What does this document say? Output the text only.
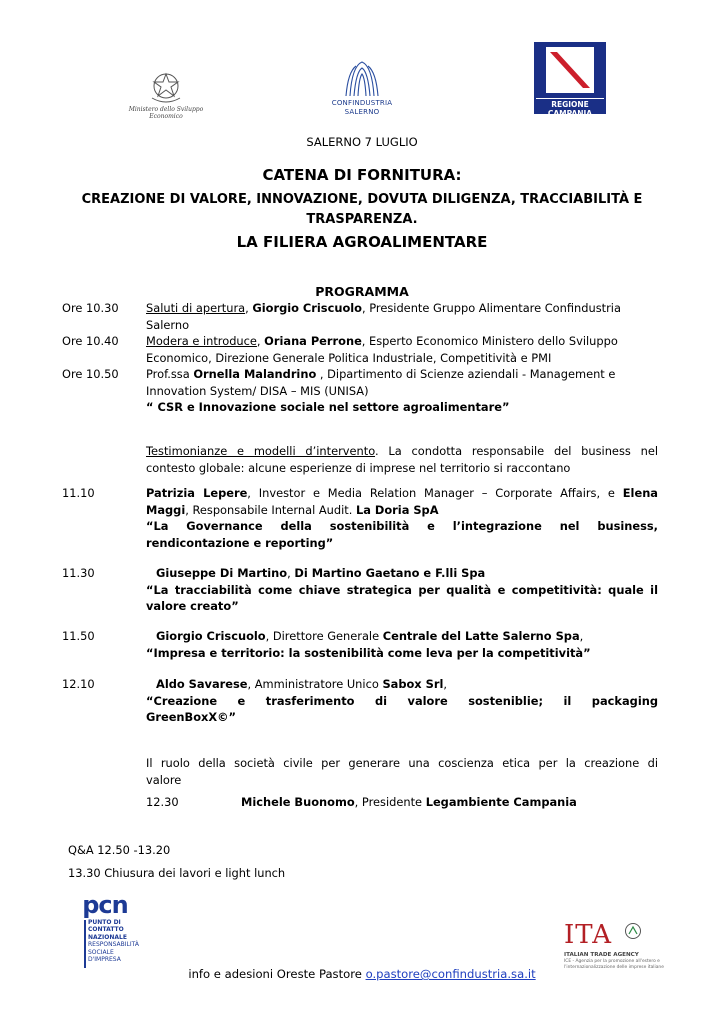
Ministero dello Sviluppo Economico
CONFINDUSTRIA
SALERNO
REGIONE CAMPANIA
SALERNO 7 LUGLIO
CATENA DI FORNITURA:
CREAZIONE DI VALORE, INNOVAZIONE, DOVUTA DILIGENZA, TRACCIABILITÀ E
TRASPARENZA.
LA FILIERA AGROALIMENTARE
PROGRAMMA
Ore 10.30 Saluti di apertura, Giorgio Criscuolo, Presidente Gruppo Alimentare Confindustria
Salerno
Ore 10.40 Modera e introduce, Oriana Perrone, Esperto Economico Ministero dello Sviluppo
Economico, Direzione Generale Politica Industriale, Competitività e PMI
Ore 10.50 Prof.ssa Ornella Malandrino , Dipartimento di Scienze aziendali - Management e
Innovation System/ DISA – MIS (UNISA)
“ CSR e Innovazione sociale nel settore agroalimentare”
Testimonianze e modelli d’intervento. La condotta responsabile del business nel
contesto globale: alcune esperienze di imprese nel territorio si raccontano
11.10	Patrizia Lepere, Investor e Media Relation Manager – Corporate Affairs, e Elena
Maggi, Responsabile Internal Audit. La Doria SpA
“La Governance della sostenibilità e l’integrazione nel business,
rendicontazione e reporting”
11.30	Giuseppe Di Martino, Di Martino Gaetano e F.lli Spa
“La tracciabilità come chiave strategica per qualità e competitività: quale il
valore creato”
11.50	Giorgio Criscuolo, Direttore Generale Centrale del Latte Salerno Spa,
“Impresa e territorio: la sostenibilità come leva per la competitività”
12.10	Aldo Savarese, Amministratore Unico Sabox Srl,
“Creazione e trasferimento di valore sosteniblie; il packaging
GreenBoxX©”
Il ruolo della società civile per generare una coscienza etica per la creazione di
valore
12.30	Michele Buonomo, Presidente Legambiente Campania
Q&A 12.50 -13.20
13.30 Chiusura dei lavori e light lunch
pcn
PUNTO DI
CONTATTO
NAZIONALE
RESPONSABILITÀ
SOCIALE
D'IMPRESA
ITA
ITALIAN TRADE AGENCY
ICE - Agenzia per la promozione all'estero e
l'internazionalizzazione delle imprese italiane
info e adesioni Oreste Pastore o.pastore@confindustria.sa.it
